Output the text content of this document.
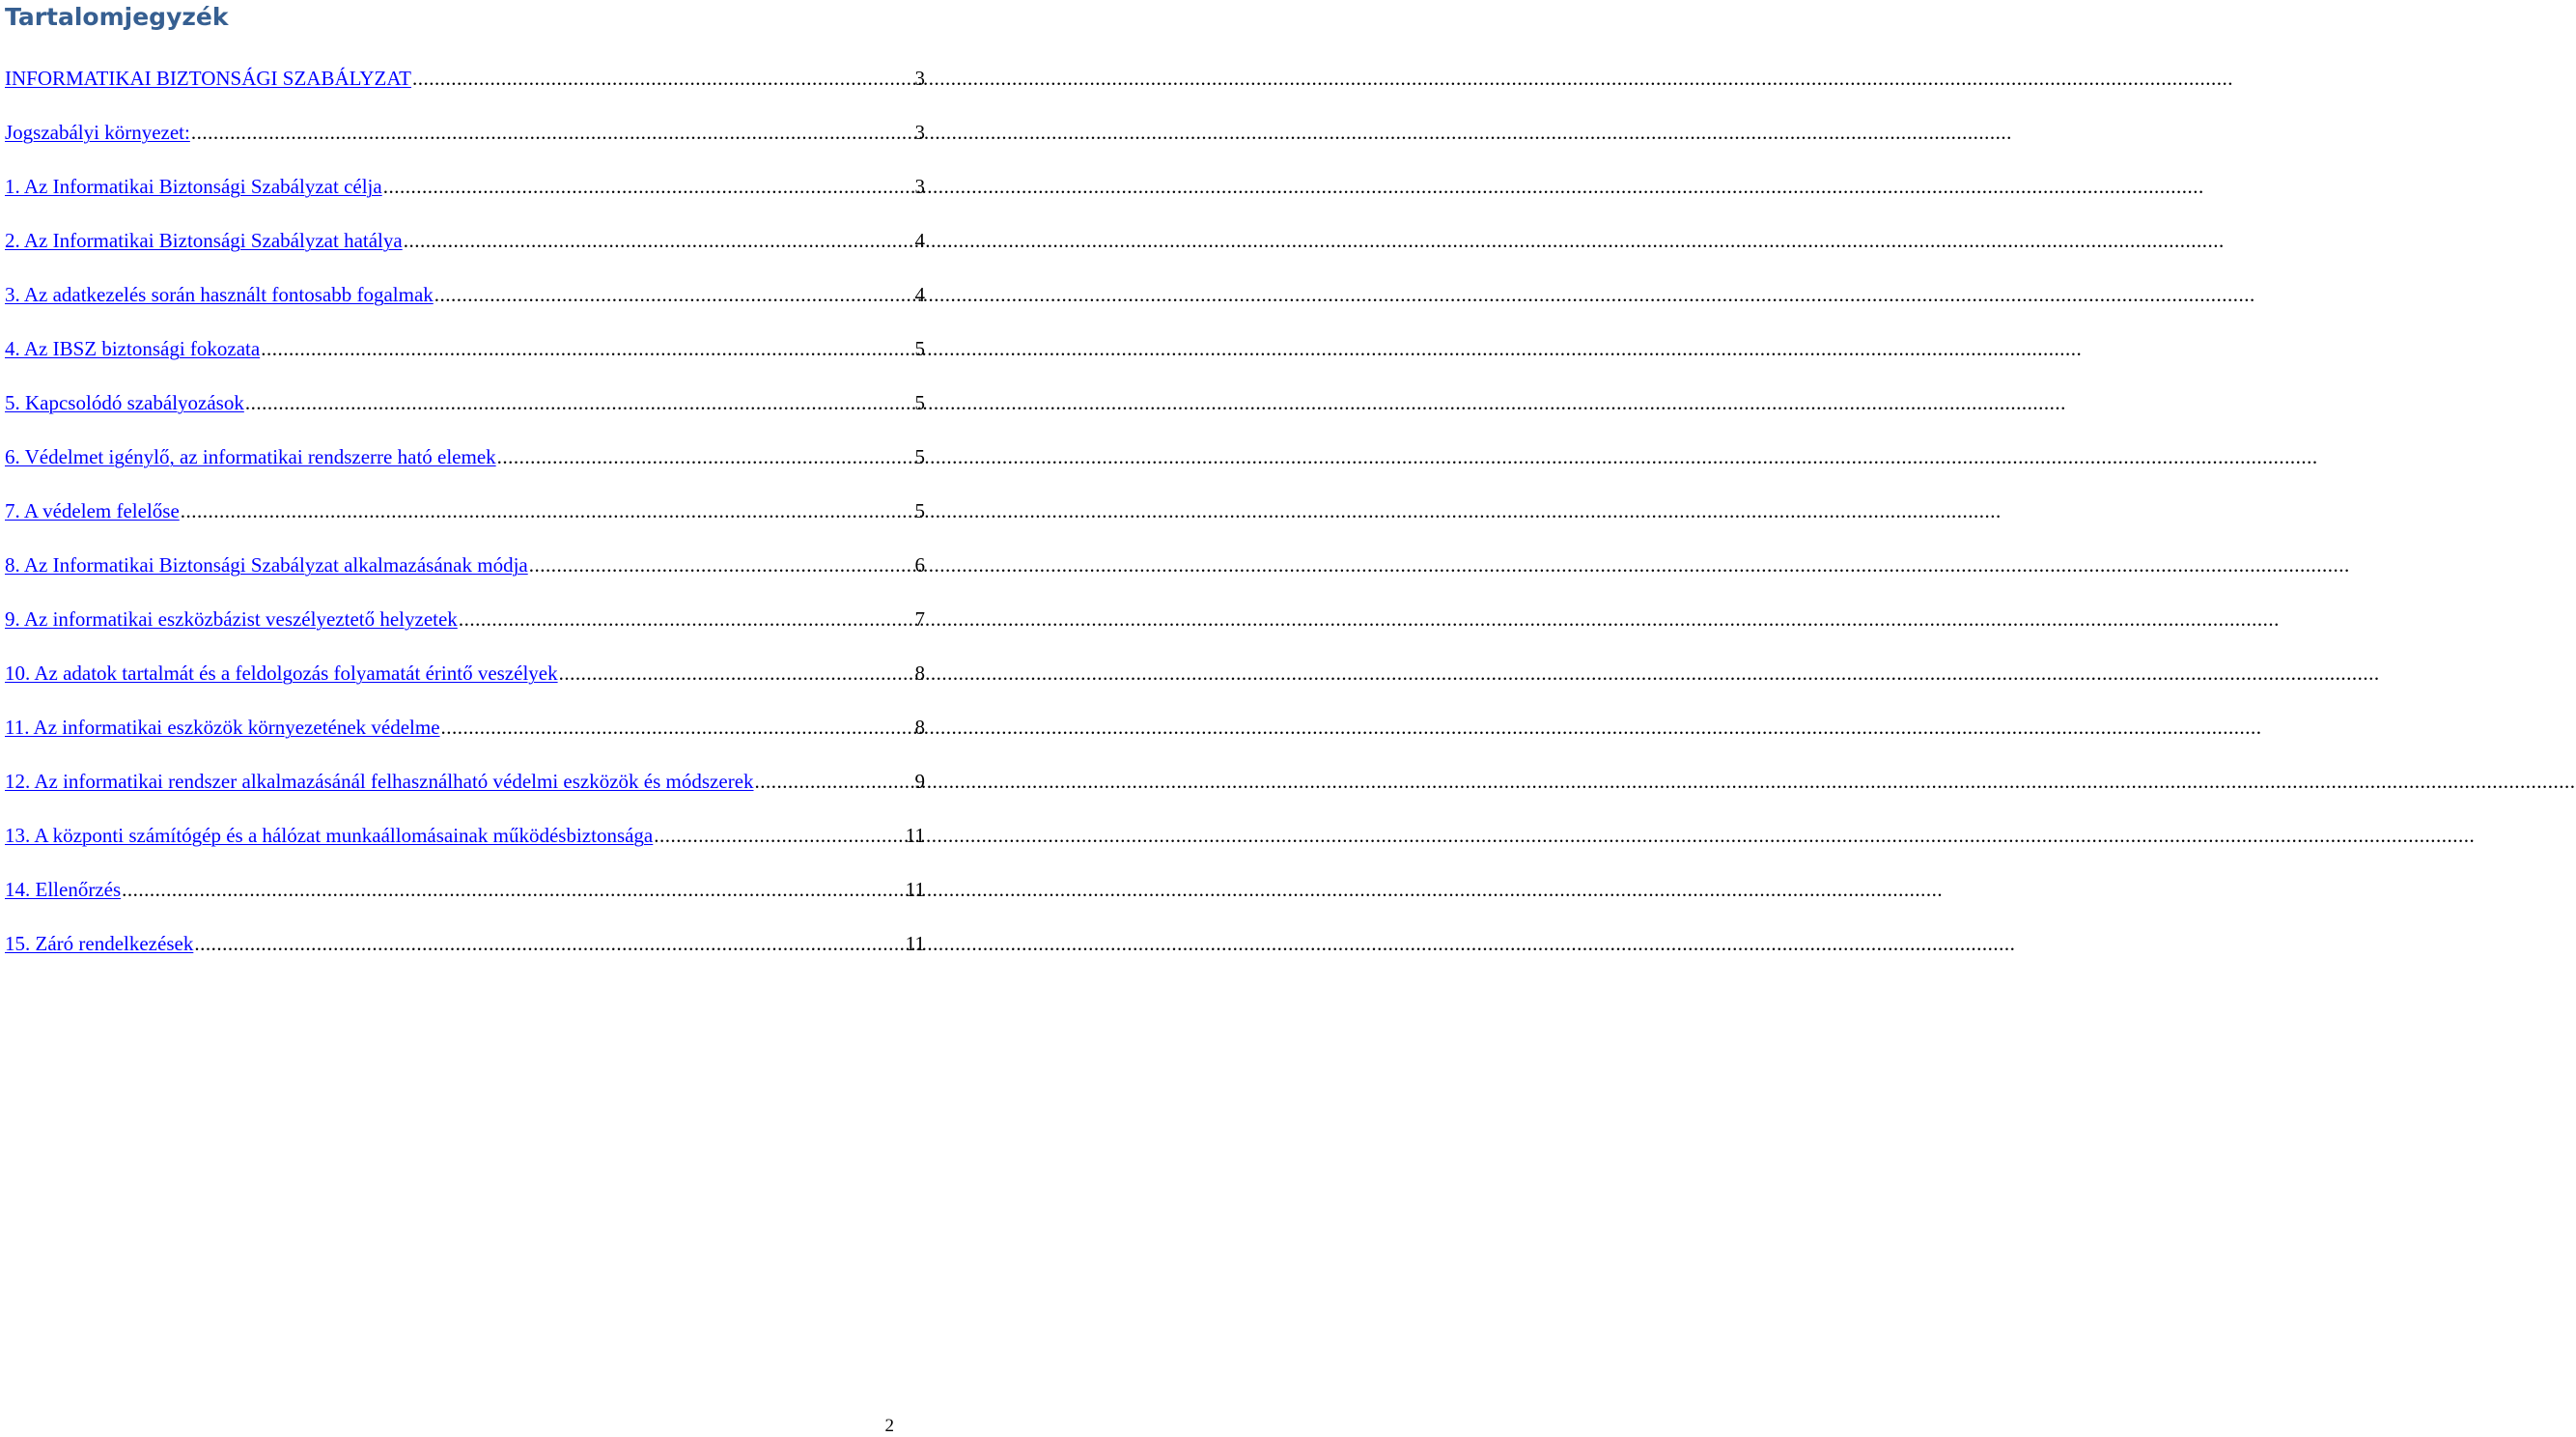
Tartalomjegyzék
INFORMATIKAI BIZTONSÁGI SZABÁLYZAT .....	3
Jogszabályi környezet: .....	3
1. Az Informatikai Biztonsági Szabályzat célja .....	3
2. Az Informatikai Biztonsági Szabályzat hatálya .....	4
3. Az adatkezelés során használt fontosabb fogalmak .....	4
4. Az IBSZ biztonsági fokozata .....	5
5. Kapcsolódó szabályozások .....	5
6. Védelmet igénylő, az informatikai rendszerre ható elemek .....	5
7. A védelem felelőse .....	5
8. Az Informatikai Biztonsági Szabályzat alkalmazásának módja .....	6
9. Az informatikai eszközbázist veszélyeztető helyzetek .....	7
10. Az adatok tartalmát és a feldolgozás folyamatát érintő veszélyek .....	8
11. Az informatikai eszközök környezetének védelme .....	8
12. Az informatikai rendszer alkalmazásánál felhasználható védelmi eszközök és módszerek .....	9
13. A központi számítógép és a hálózat munkaállomásainak működésbiztonsága .....	11
14. Ellenőrzés .....	11
15. Záró rendelkezések .....	11
2
